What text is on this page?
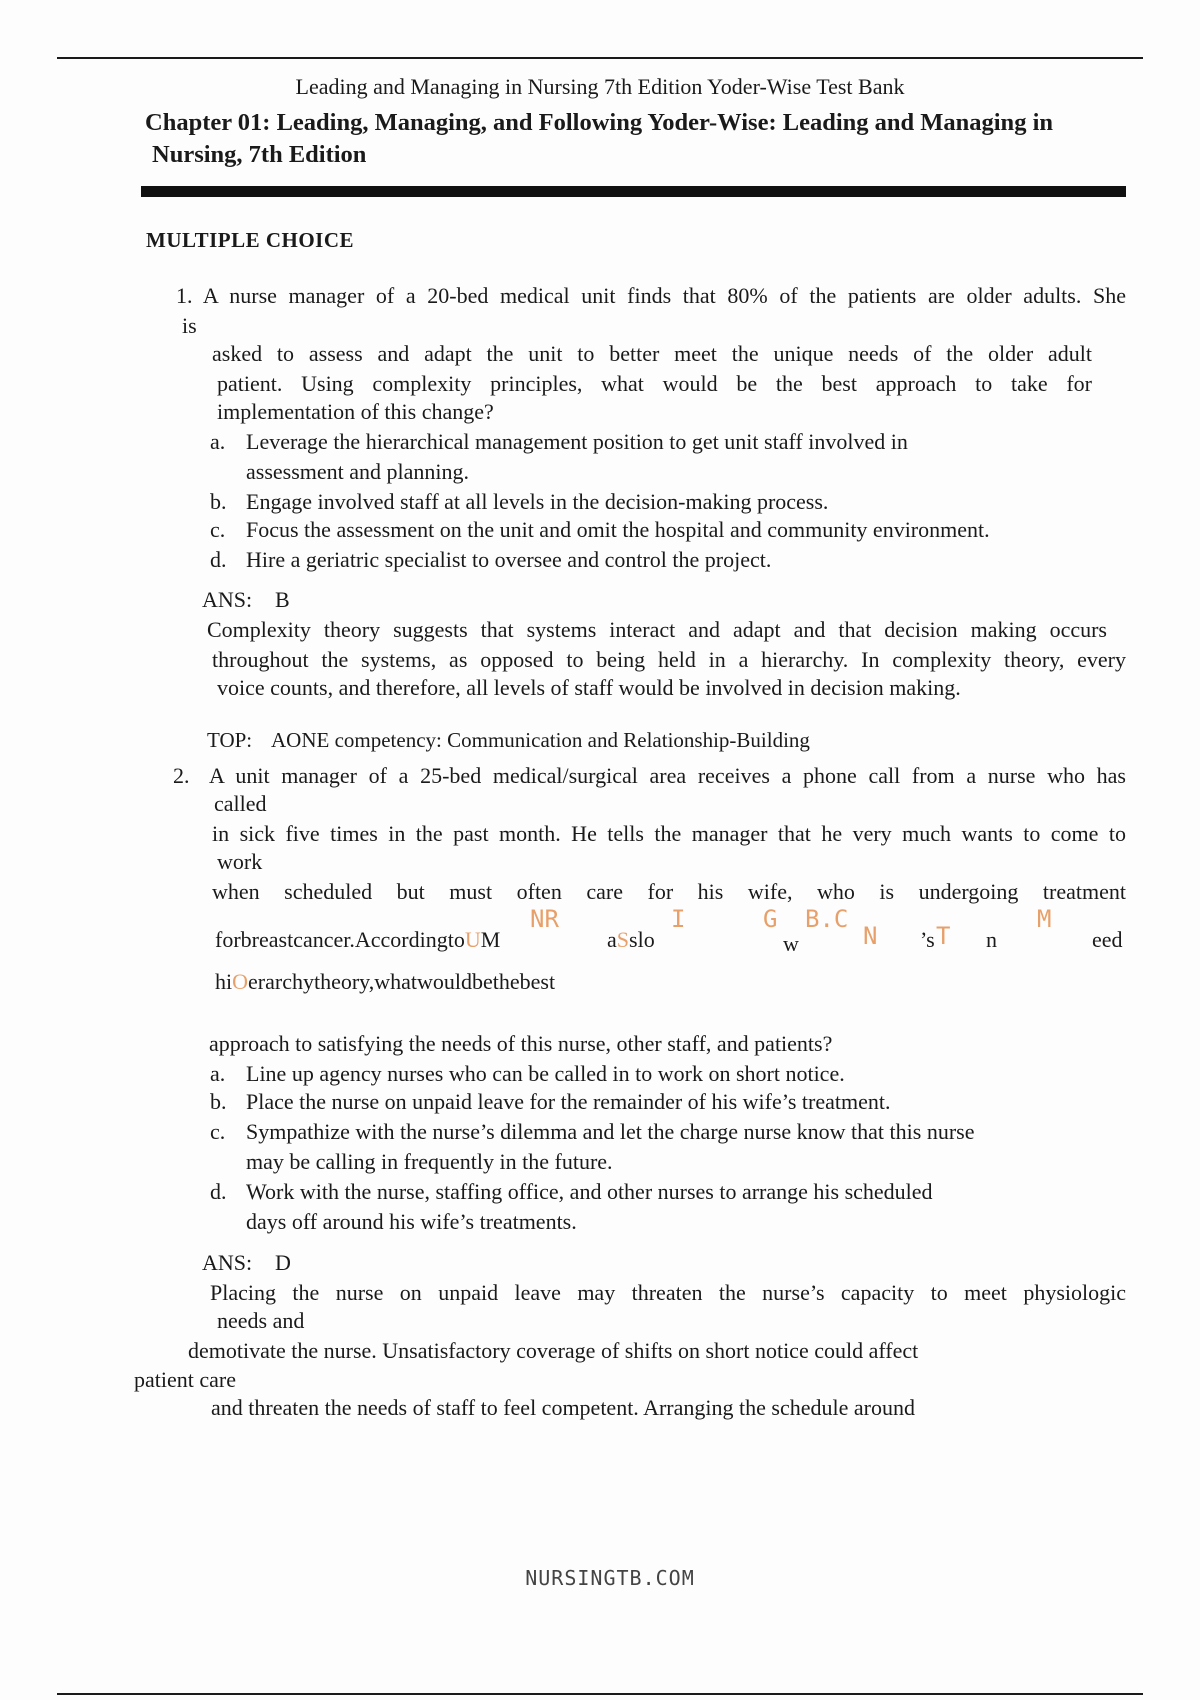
Leading and Managing in Nursing 7th Edition Yoder-Wise Test Bank
Chapter 01: Leading, Managing, and Following Yoder-Wise: Leading and Managing in
Nursing, 7th Edition
MULTIPLE CHOICE
1. A nurse manager of a 20-bed medical unit finds that 80% of the patients are older adults. She
is
asked to assess and adapt the unit to better meet the unique needs of the older adult
patient. Using complexity principles, what would be the best approach to take for
implementation of this change?
a. Leverage the hierarchical management position to get unit staff involved in
assessment and planning.
b. Engage involved staff at all levels in the decision-making process.
c. Focus the assessment on the unit and omit the hospital and community environment.
d. Hire a geriatric specialist to oversee and control the project.
ANS: B
Complexity theory suggests that systems interact and adapt and that decision making occurs
throughout the systems, as opposed to being held in a hierarchy. In complexity theory, every
voice counts, and therefore, all levels of staff would be involved in decision making.
TOP: AONE competency: Communication and Relationship-Building
2. A unit manager of a 25-bed medical/surgical area receives a phone call from a nurse who has
called
in sick five times in the past month. He tells the manager that he very much wants to come to
work
when scheduled but must often care for his wife, who is undergoing treatment
forbreastcancer.AccordingtoUM
NR
aSslo
I	G
w
B.C
N ’s T n
M
eed
hiOerarchytheory,whatwouldbethebest
approach to satisfying the needs of this nurse, other staff, and patients?
a. Line up agency nurses who can be called in to work on short notice.
b. Place the nurse on unpaid leave for the remainder of his wife’s treatment.
c. Sympathize with the nurse’s dilemma and let the charge nurse know that this nurse
may be calling in frequently in the future.
d. Work with the nurse, staffing office, and other nurses to arrange his scheduled
days off around his wife’s treatments.
ANS: D
Placing the nurse on unpaid leave may threaten the nurse’s capacity to meet physiologic
needs and
demotivate the nurse. Unsatisfactory coverage of shifts on short notice could affect
patient care
and threaten the needs of staff to feel competent. Arranging the schedule around
NURSINGTB.COM
